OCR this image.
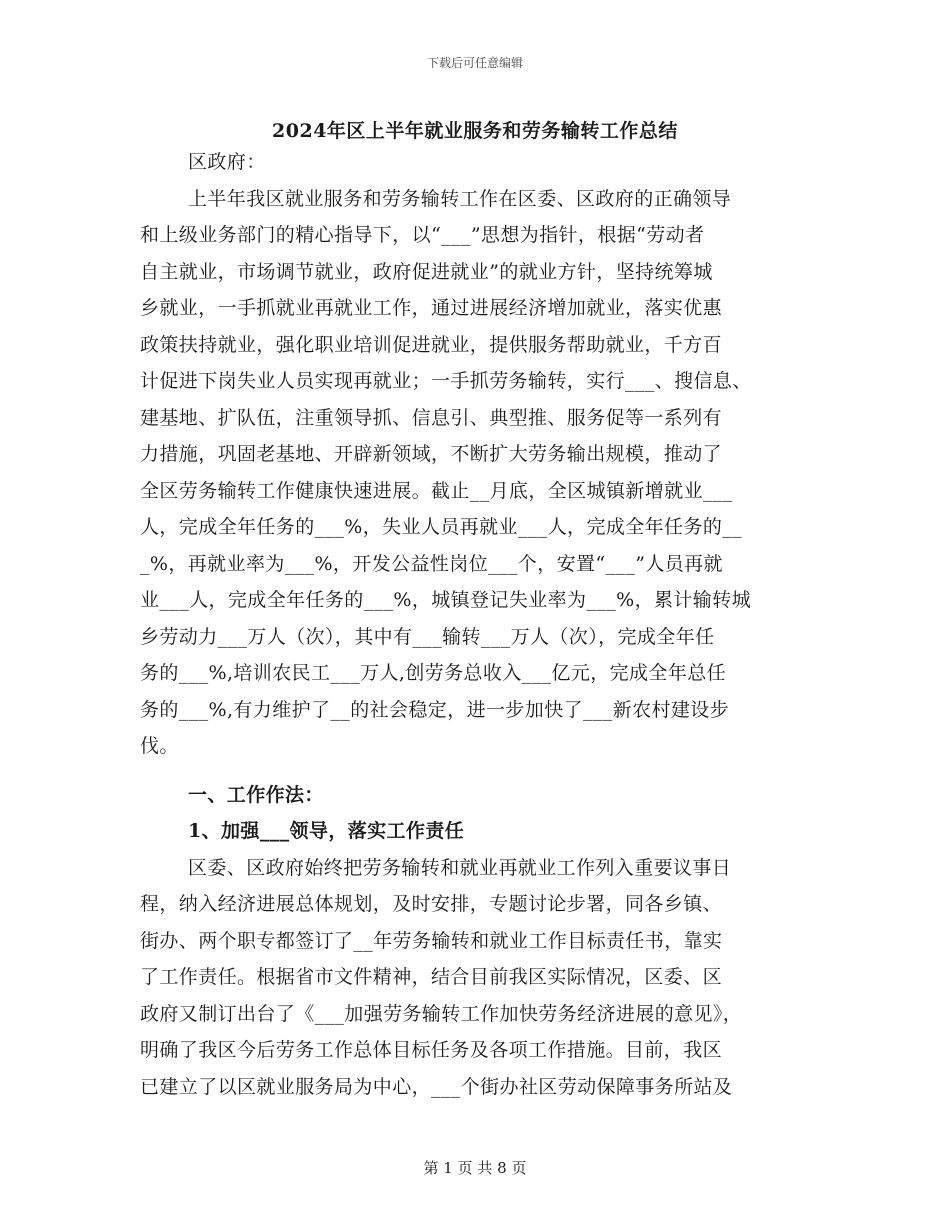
下载后可任意编辑
2024年区上半年就业服务和劳务输转工作总结
区政府：
上半年我区就业服务和劳务输转工作在区委、区政府的正确领导
和上级业务部门的精心指导下，以“___”思想为指针，根据“劳动者
自主就业，市场调节就业，政府促进就业”的就业方针，坚持统筹城
乡就业，一手抓就业再就业工作，通过进展经济增加就业，落实优惠
政策扶持就业，强化职业培训促进就业，提供服务帮助就业，千方百
计促进下岗失业人员实现再就业；一手抓劳务输转，实行___、搜信息、
建基地、扩队伍，注重领导抓、信息引、典型推、服务促等一系列有
力措施，巩固老基地、开辟新领域，不断扩大劳务输出规模，推动了
全区劳务输转工作健康快速进展。截止__月底，全区城镇新增就业___
人，完成全年任务的___%，失业人员再就业___人，完成全年任务的__
_%，再就业率为___%，开发公益性岗位___个，安置“___”人员再就
业___人，完成全年任务的___%，城镇登记失业率为___%，累计输转城
乡劳动力___万人（次），其中有___输转___万人（次），完成全年任
务的___%,培训农民工___万人,创劳务总收入___亿元，完成全年总任
务的___%,有力维护了__的社会稳定，进一步加快了___新农村建设步
伐。
一、工作作法：
1、加强___领导，落实工作责任
区委、区政府始终把劳务输转和就业再就业工作列入重要议事日
程，纳入经济进展总体规划，及时安排，专题讨论步署，同各乡镇、
街办、两个职专都签订了__年劳务输转和就业工作目标责任书，靠实
了工作责任。根据省市文件精神，结合目前我区实际情况，区委、区
政府又制订出台了《___加强劳务输转工作加快劳务经济进展的意见》，
明确了我区今后劳务工作总体目标任务及各项工作措施。目前，我区
已建立了以区就业服务局为中心，___个街办社区劳动保障事务所站及
第 1 页 共 8 页
